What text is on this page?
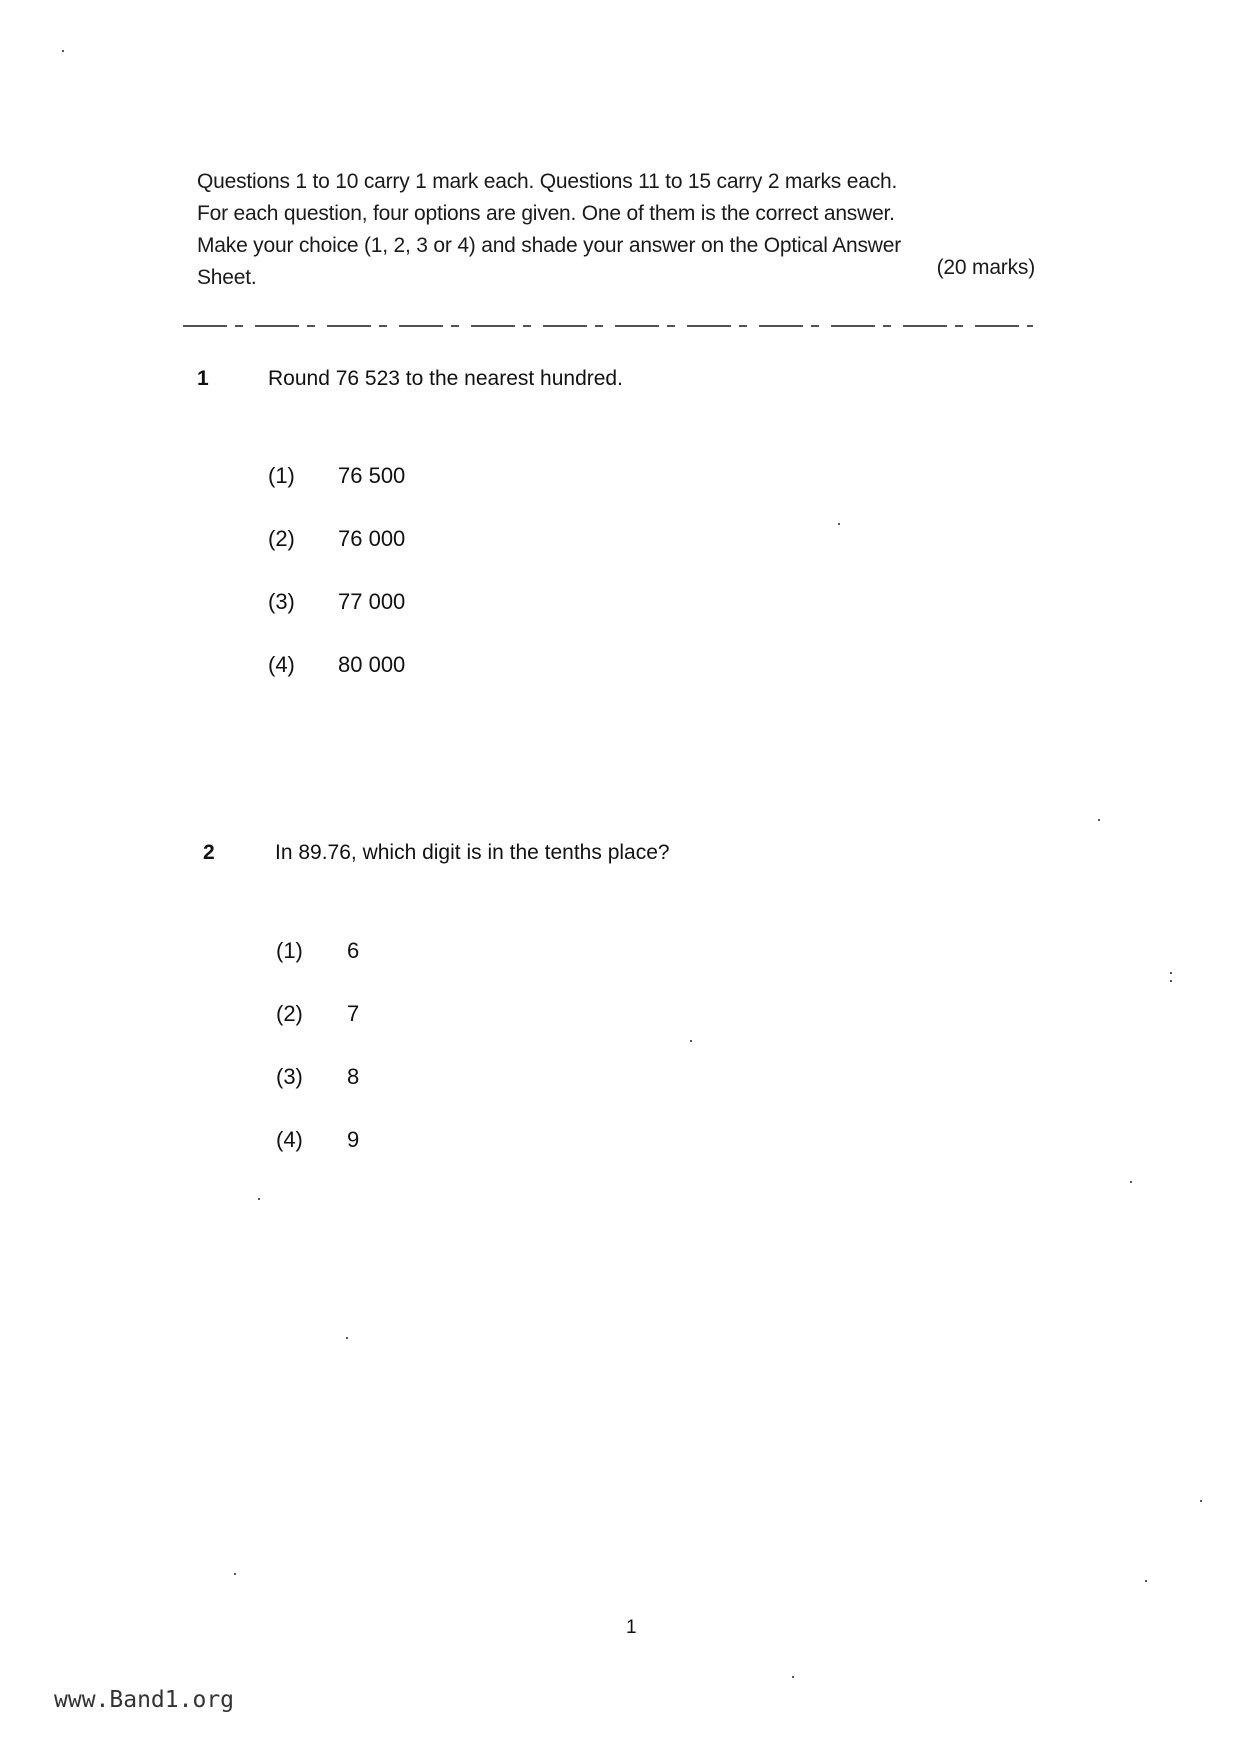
Questions 1 to 10 carry 1 mark each. Questions 11 to 15 carry 2 marks each.
For each question, four options are given. One of them is the correct answer.
Make your choice (1, 2, 3 or 4) and shade your answer on the Optical Answer
Sheet.	(20 marks)
1	Round 76 523 to the nearest hundred.
(1) 76 500
(2) 76 000
(3) 77 000
(4) 80 000
2	In 89.76, which digit is in the tenths place?
(1) 6
(2) 7
(3) 8
(4) 9
1
www.Band1.org
